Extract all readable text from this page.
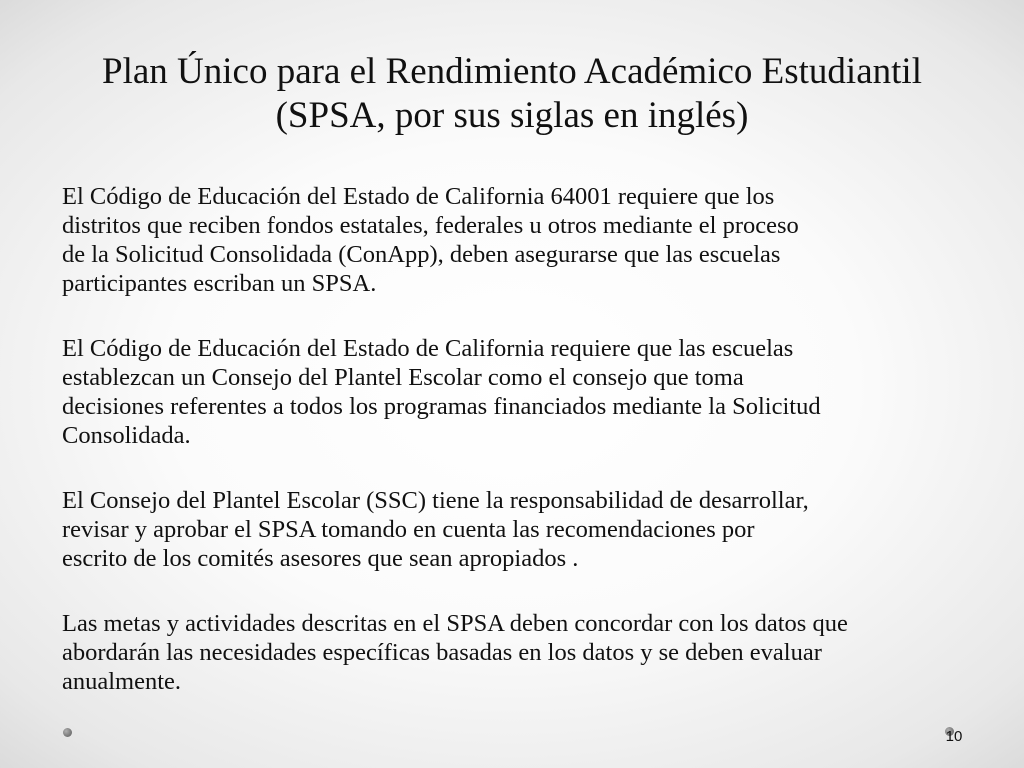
Plan Único para el Rendimiento Académico Estudiantil
(SPSA, por sus siglas en inglés)

El Código de Educación del Estado de California 64001 requiere que los
distritos que reciben fondos estatales, federales u otros mediante el proceso
de la Solicitud Consolidada (ConApp), deben asegurarse que las escuelas
participantes escriban un SPSA.

El Código de Educación del Estado de California requiere que las escuelas
establezcan un Consejo del Plantel Escolar como el consejo que toma
decisiones referentes a todos los programas financiados mediante la Solicitud
Consolidada.

El Consejo del Plantel Escolar (SSC) tiene la responsabilidad de desarrollar,
revisar y aprobar el SPSA tomando en cuenta las recomendaciones por
escrito de los comités asesores que sean apropiados .

Las metas y actividades descritas en el SPSA deben concordar con los datos que
abordarán las necesidades específicas basadas en los datos y se deben evaluar
anualmente.

10
